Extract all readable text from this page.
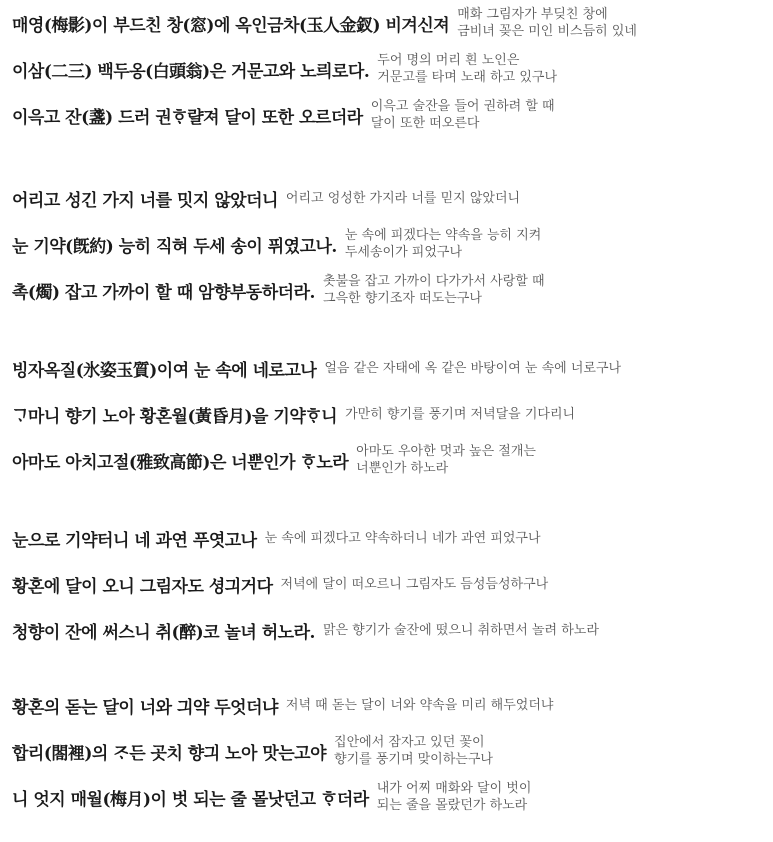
매영(梅影)이 부드친 창(窓)에 옥인금차(玉人金釵) 비겨신져
매화 그림자가 부딪친 창에
금비녀 꽂은 미인 비스듬히 있네
이삼(二三) 백두옹(白頭翁)은 거문고와 노릐로다.
두어 명의 머리 흰 노인은
거문고를 타며 노래 하고 있구나
이윽고 잔(盞) 드러 권ᄒᆞ랼져 달이 또한 오르더라
이윽고 술잔을 들어 권하려 할 때
달이 또한 떠오른다
어리고 성긴 가지 너를 밋지 않았더니 어리고 엉성한 가지라 너를 믿지 않았더니
눈 기약(旣約) 능히 직혀 두세 송이 퓌였고나.
눈 속에 피겠다는 약속을 능히 지켜
두세송이가 피었구나
촉(燭) 잡고 가까이 할 때 암향부동하더라.
촛불을 잡고 가까이 다가가서 사랑할 때
그윽한 향기조자 떠도는구나
빙자옥질(氷姿玉質)이여 눈 속에 네로고나 얼음 같은 자태에 옥 같은 바탕이여 눈 속에 너로구나
ᄀᆞ마니 향기 노아 황혼월(黃昏月)을 기약ᄒᆞ니 가만히 향기를 풍기며 저녁달을 기다리니
아마도 아치고절(雅致高節)은 너뿐인가 ᄒᆞ노라
아마도 우아한 멋과 높은 절개는
너뿐인가 하노라
눈으로 기약터니 네 과연 푸엿고나 눈 속에 피겠다고 약속하더니 네가 과연 피었구나
황혼에 달이 오니 그림자도 셩긔거다 저녁에 달이 떠오르니 그림자도 듬성듬성하구나
청향이 잔에 써스니 취(醉)코 놀녀 허노라. 맑은 향기가 술잔에 떴으니 취하면서 놀려 하노라
황혼의 돋는 달이 너와 긔약 두엇더냐 저녁 때 돋는 달이 너와 약속을 미리 해두었더냐
합리(閤裡)의 ᄌᆞ든 곳치 향긔 노아 맛는고야
집안에서 잠자고 있던 꽃이
향기를 풍기며 맞이하는구나
니 엇지 매월(梅月)이 벗 되는 줄 몰낫던고 ᄒᆞ더라
내가 어찌 매화와 달이 벗이
되는 줄을 몰랐던가 하노라
